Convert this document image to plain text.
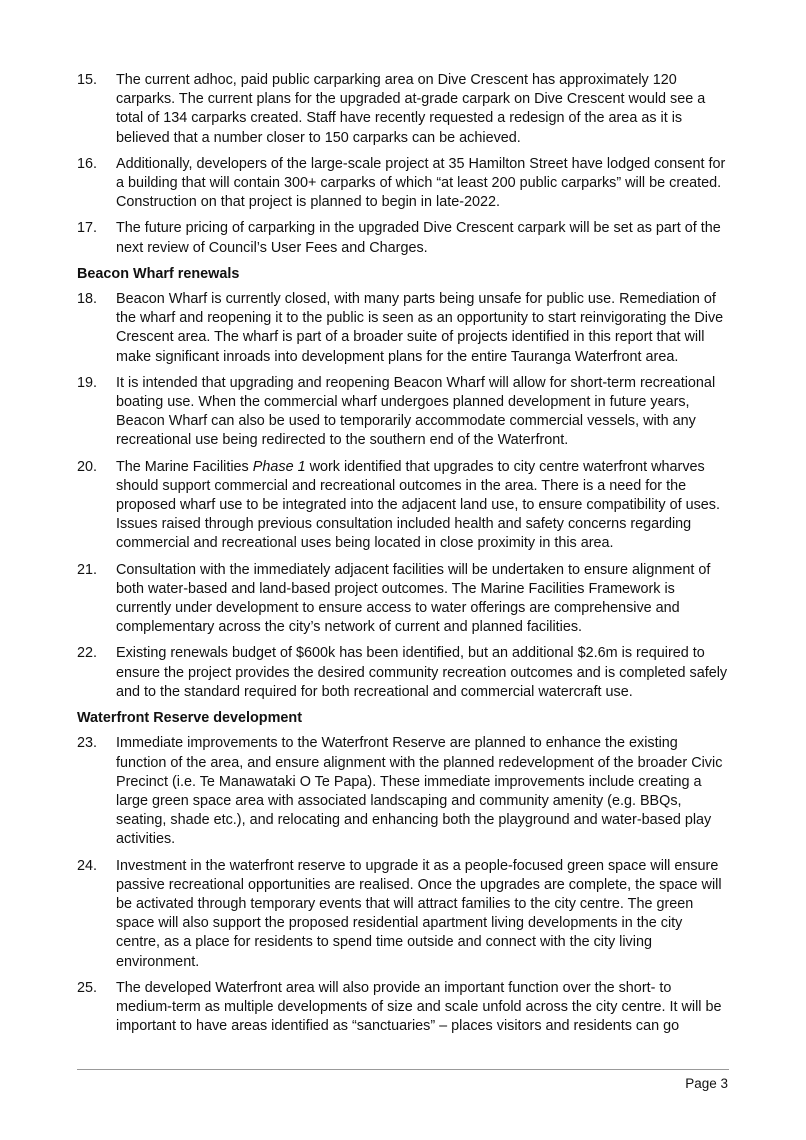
15.	The current adhoc, paid public carparking area on Dive Crescent has approximately 120 carparks. The current plans for the upgraded at-grade carpark on Dive Crescent would see a total of 134 carparks created. Staff have recently requested a redesign of the area as it is believed that a number closer to 150 carparks can be achieved.
16.	Additionally, developers of the large-scale project at 35 Hamilton Street have lodged consent for a building that will contain 300+ carparks of which “at least 200 public carparks” will be created. Construction on that project is planned to begin in late-2022.
17.	The future pricing of carparking in the upgraded Dive Crescent carpark will be set as part of the next review of Council’s User Fees and Charges.
Beacon Wharf renewals
18.	Beacon Wharf is currently closed, with many parts being unsafe for public use. Remediation of the wharf and reopening it to the public is seen as an opportunity to start reinvigorating the Dive Crescent area. The wharf is part of a broader suite of projects identified in this report that will make significant inroads into development plans for the entire Tauranga Waterfront area.
19.	It is intended that upgrading and reopening Beacon Wharf will allow for short-term recreational boating use. When the commercial wharf undergoes planned development in future years, Beacon Wharf can also be used to temporarily accommodate commercial vessels, with any recreational use being redirected to the southern end of the Waterfront.
20.	The Marine Facilities Phase 1 work identified that upgrades to city centre waterfront wharves should support commercial and recreational outcomes in the area. There is a need for the proposed wharf use to be integrated into the adjacent land use, to ensure compatibility of uses. Issues raised through previous consultation included health and safety concerns regarding commercial and recreational uses being located in close proximity in this area.
21.	Consultation with the immediately adjacent facilities will be undertaken to ensure alignment of both water-based and land-based project outcomes. The Marine Facilities Framework is currently under development to ensure access to water offerings are comprehensive and complementary across the city’s network of current and planned facilities.
22.	Existing renewals budget of $600k has been identified, but an additional $2.6m is required to ensure the project provides the desired community recreation outcomes and is completed safely and to the standard required for both recreational and commercial watercraft use.
Waterfront Reserve development
23.	Immediate improvements to the Waterfront Reserve are planned to enhance the existing function of the area, and ensure alignment with the planned redevelopment of the broader Civic Precinct (i.e. Te Manawataki O Te Papa). These immediate improvements include creating a large green space area with associated landscaping and community amenity (e.g. BBQs, seating, shade etc.), and relocating and enhancing both the playground and water-based play activities.
24.	Investment in the waterfront reserve to upgrade it as a people-focused green space will ensure passive recreational opportunities are realised. Once the upgrades are complete, the space will be activated through temporary events that will attract families to the city centre. The green space will also support the proposed residential apartment living developments in the city centre, as a place for residents to spend time outside and connect with the city living environment.
25.	The developed Waterfront area will also provide an important function over the short- to medium-term as multiple developments of size and scale unfold across the city centre. It will be important to have areas identified as “sanctuaries” – places visitors and residents can go
Page 3
